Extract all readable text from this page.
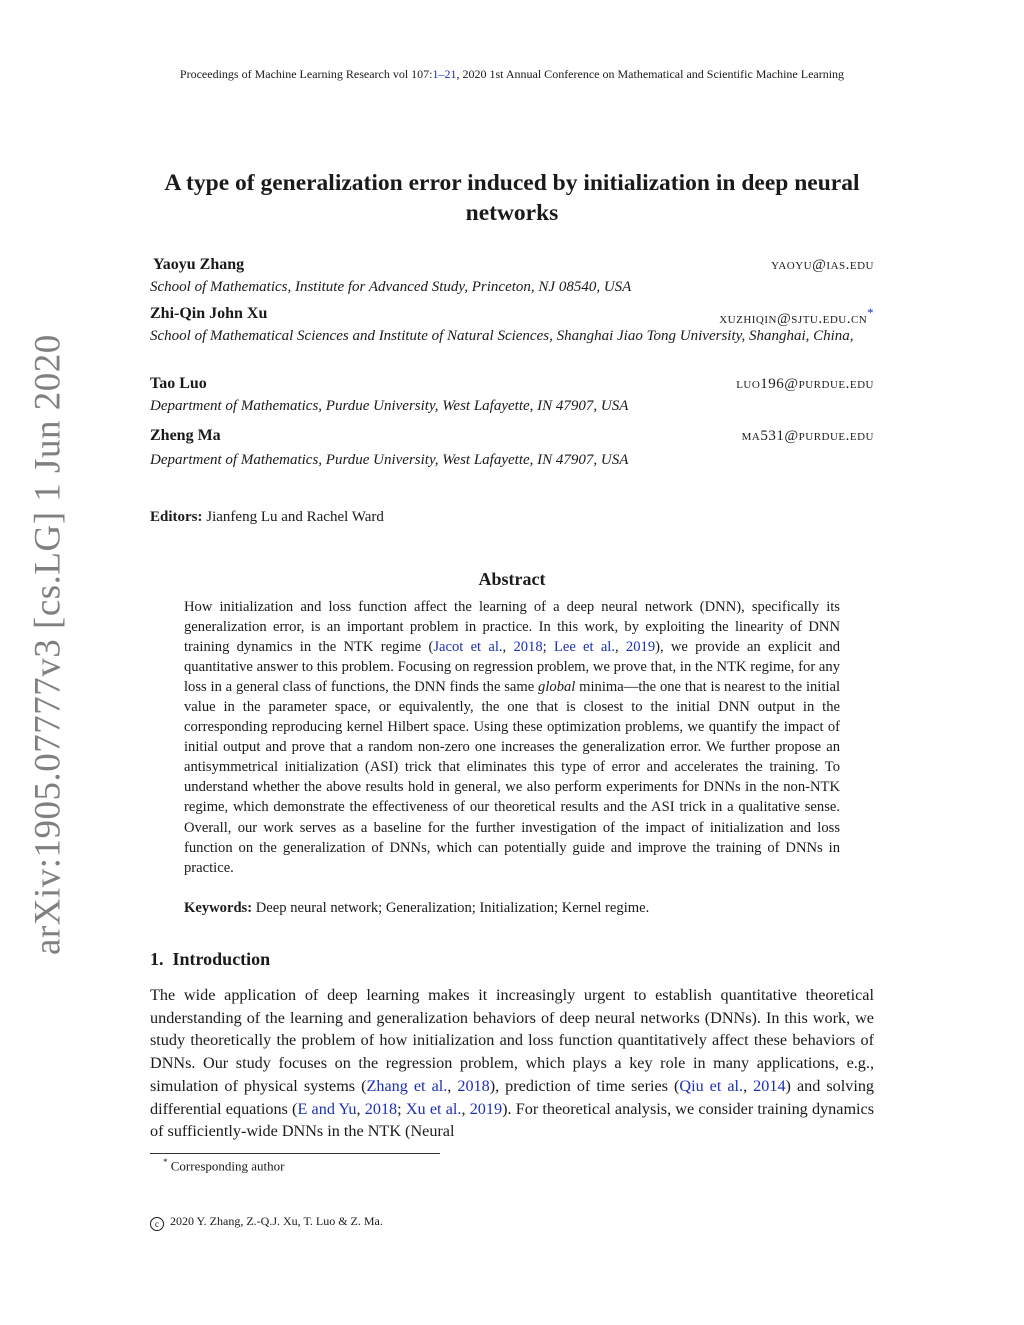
Proceedings of Machine Learning Research vol 107:1–21, 2020 1st Annual Conference on Mathematical and Scientific Machine Learning
arXiv:1905.07777v3 [cs.LG] 1 Jun 2020
A type of generalization error induced by initialization in deep neural networks
Yaoyu Zhang	yaoyu@ias.edu
School of Mathematics, Institute for Advanced Study, Princeton, NJ 08540, USA
Zhi-Qin John Xu	xuzhiqin@sjtu.edu.cn*
School of Mathematical Sciences and Institute of Natural Sciences, Shanghai Jiao Tong University, Shanghai, China,
Tao Luo	luo196@purdue.edu
Department of Mathematics, Purdue University, West Lafayette, IN 47907, USA
Zheng Ma	ma531@purdue.edu
Department of Mathematics, Purdue University, West Lafayette, IN 47907, USA
Editors: Jianfeng Lu and Rachel Ward
Abstract
How initialization and loss function affect the learning of a deep neural network (DNN), specifically its generalization error, is an important problem in practice. In this work, by exploiting the linearity of DNN training dynamics in the NTK regime (Jacot et al., 2018; Lee et al., 2019), we provide an explicit and quantitative answer to this problem. Focusing on regression problem, we prove that, in the NTK regime, for any loss in a general class of functions, the DNN finds the same global minima—the one that is nearest to the initial value in the parameter space, or equivalently, the one that is closest to the initial DNN output in the corresponding reproducing kernel Hilbert space. Using these optimization problems, we quantify the impact of initial output and prove that a random non-zero one increases the generalization error. We further propose an antisymmetrical initialization (ASI) trick that eliminates this type of error and accelerates the training. To understand whether the above results hold in general, we also perform experiments for DNNs in the non-NTK regime, which demonstrate the effectiveness of our theoretical results and the ASI trick in a qualitative sense. Overall, our work serves as a baseline for the further investigation of the impact of initialization and loss function on the generalization of DNNs, which can potentially guide and improve the training of DNNs in practice.
Keywords: Deep neural network; Generalization; Initialization; Kernel regime.
1. Introduction
The wide application of deep learning makes it increasingly urgent to establish quantitative theoretical understanding of the learning and generalization behaviors of deep neural networks (DNNs). In this work, we study theoretically the problem of how initialization and loss function quantitatively affect these behaviors of DNNs. Our study focuses on the regression problem, which plays a key role in many applications, e.g., simulation of physical systems (Zhang et al., 2018), prediction of time series (Qiu et al., 2014) and solving differential equations (E and Yu, 2018; Xu et al., 2019). For theoretical analysis, we consider training dynamics of sufficiently-wide DNNs in the NTK (Neural
* Corresponding author
c 2020 Y. Zhang, Z.-Q.J. Xu, T. Luo & Z. Ma.
